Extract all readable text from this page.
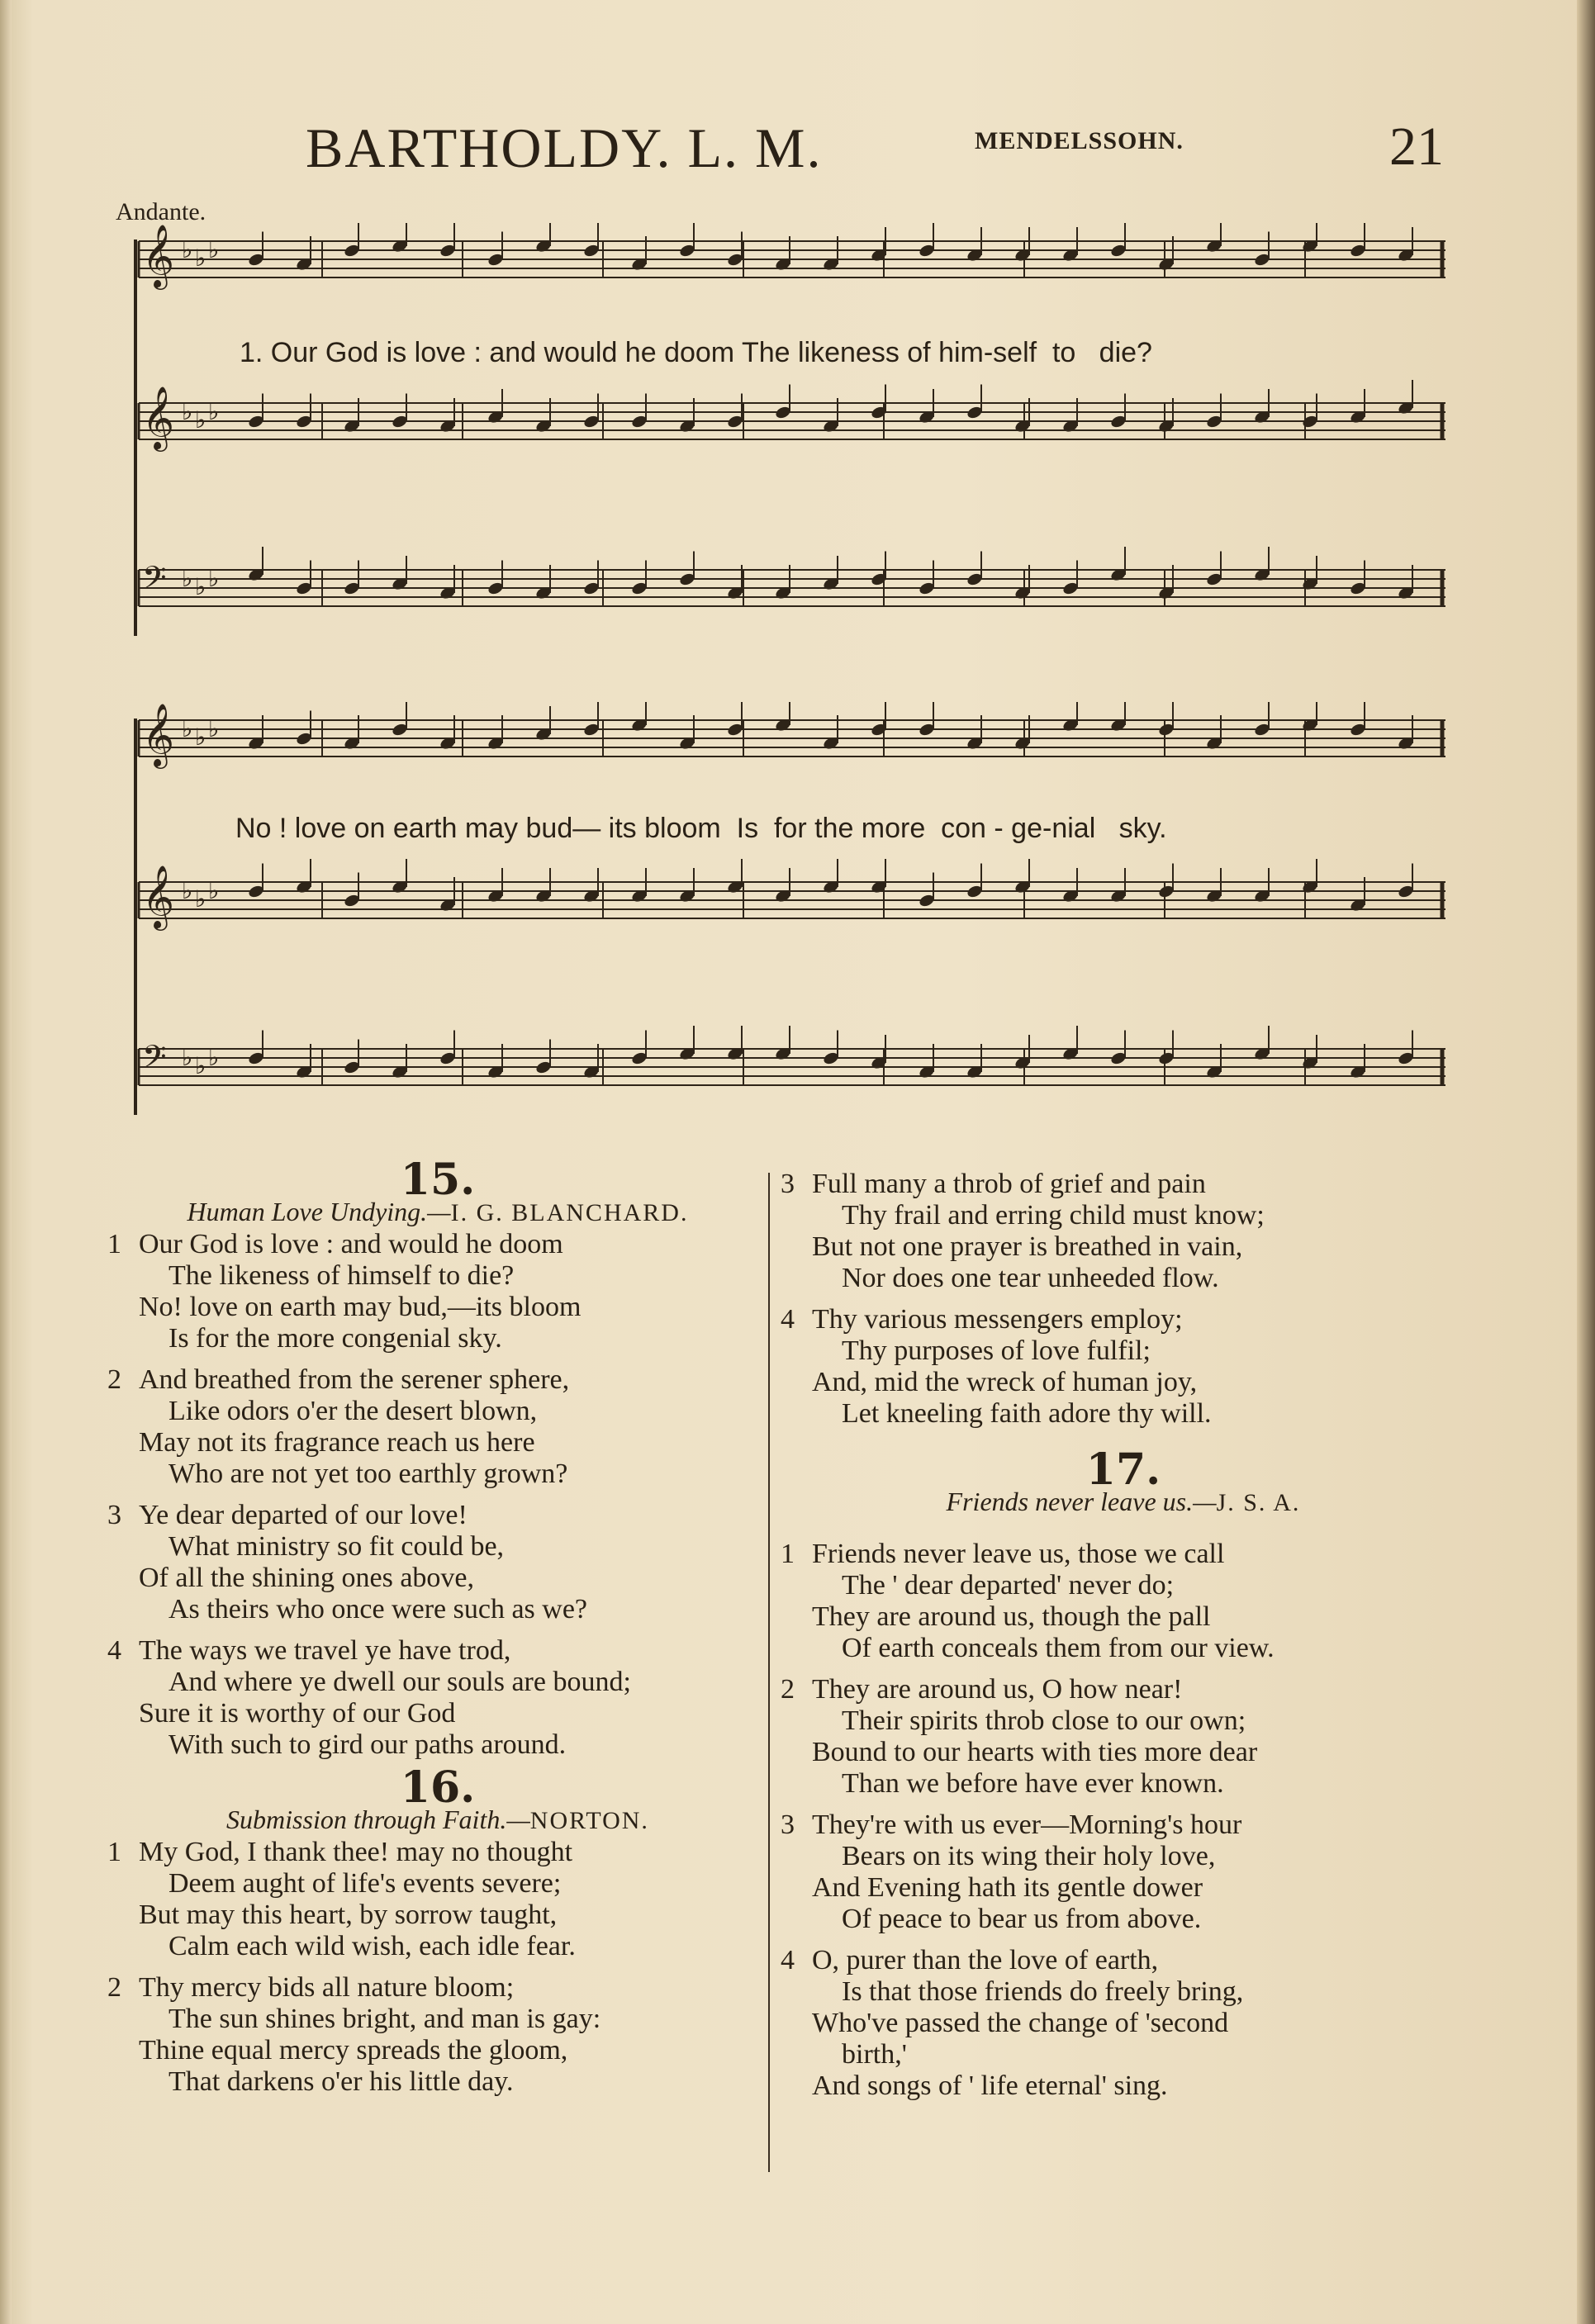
BARTHOLDY. L. M.	MENDELSSOHN.	21
Andante.
𝄞 ♭ ♭ ♭
𝄞 ♭ ♭ ♭
𝄢 ♭ ♭ ♭
1. Our God is love : and would he doom The likeness of him-self  to   die?
𝄞 ♭ ♭ ♭
𝄞 ♭ ♭ ♭
𝄢 ♭ ♭ ♭
No ! love on earth may bud— its bloom  Is  for the more  con - ge-nial   sky.
15.
Human Love Undying.—I. G. BLANCHARD.
1 Our God is love : and would he doom
The likeness of himself to die?
No! love on earth may bud,—its bloom
Is for the more congenial sky.
2 And breathed from the serener sphere,
Like odors o'er the desert blown,
May not its fragrance reach us here
Who are not yet too earthly grown?
3 Ye dear departed of our love!
What ministry so fit could be,
Of all the shining ones above,
As theirs who once were such as we?
4 The ways we travel ye have trod,
And where ye dwell our souls are bound;
Sure it is worthy of our God
With such to gird our paths around.
16.
Submission through Faith.—NORTON.
1 My God, I thank thee! may no thought
Deem aught of life's events severe;
But may this heart, by sorrow taught,
Calm each wild wish, each idle fear.
2 Thy mercy bids all nature bloom;
The sun shines bright, and man is gay:
Thine equal mercy spreads the gloom,
That darkens o'er his little day.
3 Full many a throb of grief and pain
Thy frail and erring child must know;
But not one prayer is breathed in vain,
Nor does one tear unheeded flow.
4 Thy various messengers employ;
Thy purposes of love fulfil;
And, mid the wreck of human joy,
Let kneeling faith adore thy will.
17.
Friends never leave us.—J. S. A.
1 Friends never leave us, those we call
The ' dear departed' never do;
They are around us, though the pall
Of earth conceals them from our view.
2 They are around us, O how near!
Their spirits throb close to our own;
Bound to our hearts with ties more dear
Than we before have ever known.
3 They're with us ever—Morning's hour
Bears on its wing their holy love,
And Evening hath its gentle dower
Of peace to bear us from above.
4 O, purer than the love of earth,
Is that those friends do freely bring,
Who've passed the change of 'second
birth,'
And songs of ' life eternal' sing.
